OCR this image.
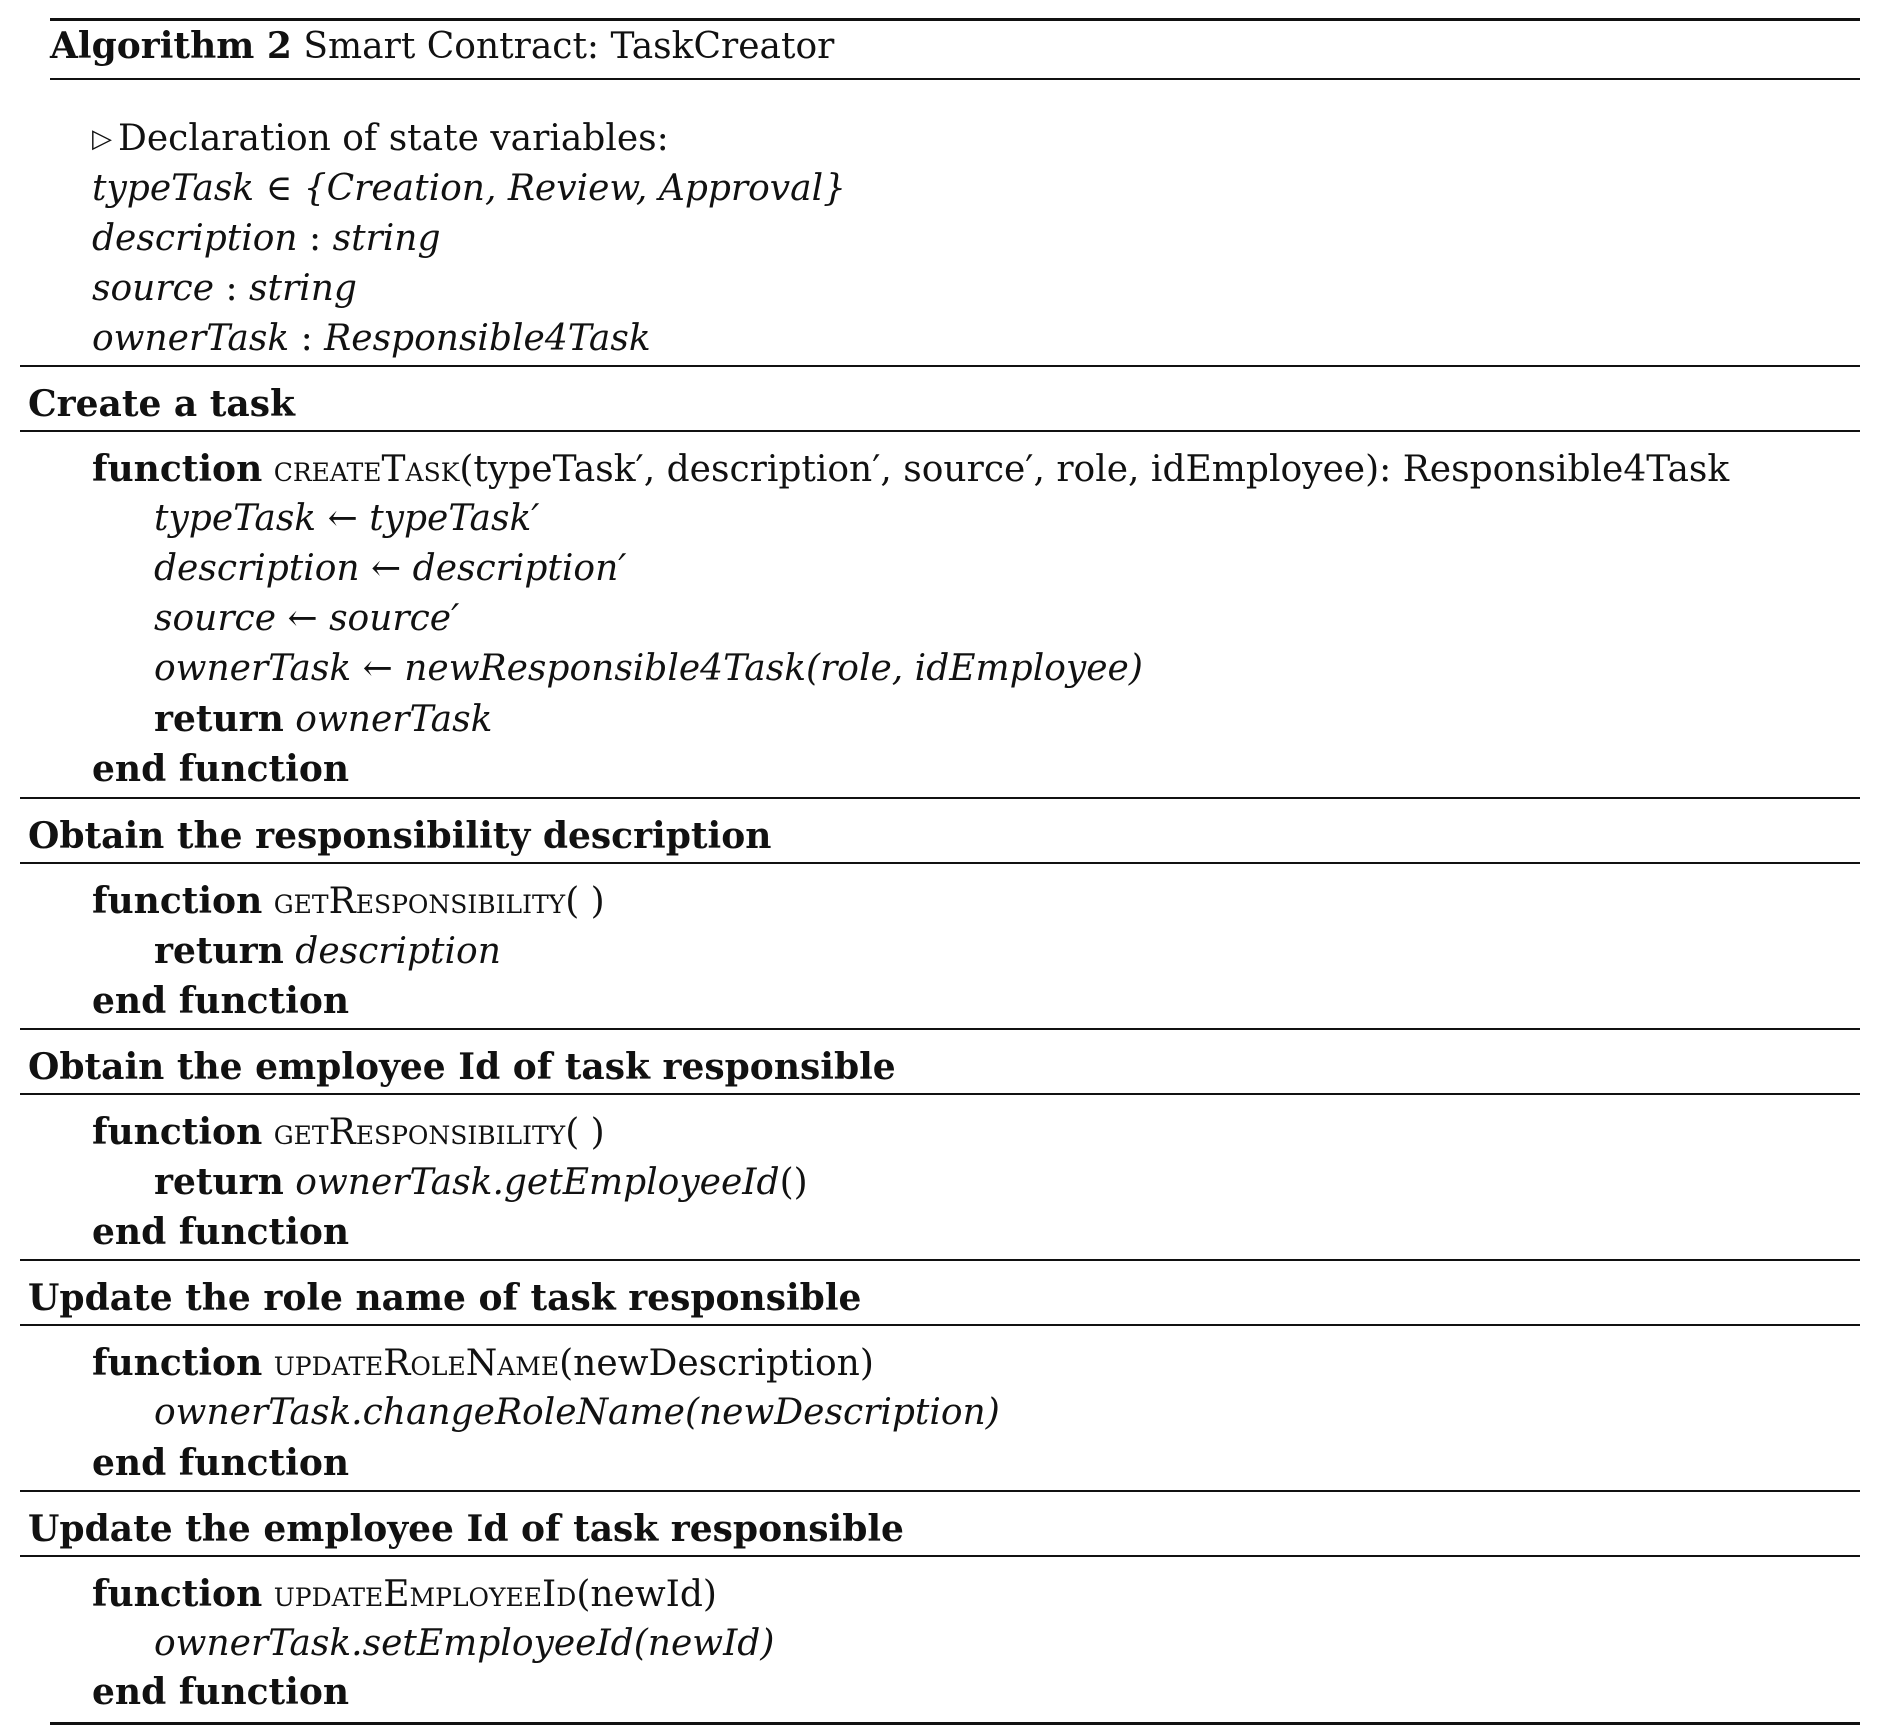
Algorithm 2 Smart Contract: TaskCreator
▷ Declaration of state variables:
typeTask ∈ {Creation, Review, Approval}
description : string
source : string
ownerTask : Responsible4Task
Create a task
function createTask(typeTask′, description′, source′, role, idEmployee): Responsible4Task
typeTask ← typeTask′
description ← description′
source ← source′
ownerTask ← newResponsible4Task(role, idEmployee)
return ownerTask
end function
Obtain the responsibility description
function getResponsibility( )
return description
end function
Obtain the employee Id of task responsible
function getResponsibility( )
return ownerTask.getEmployeeId()
end function
Update the role name of task responsible
function updateRoleName(newDescription)
ownerTask.changeRoleName(newDescription)
end function
Update the employee Id of task responsible
function updateEmployeeId(newId)
ownerTask.setEmployeeId(newId)
end function
